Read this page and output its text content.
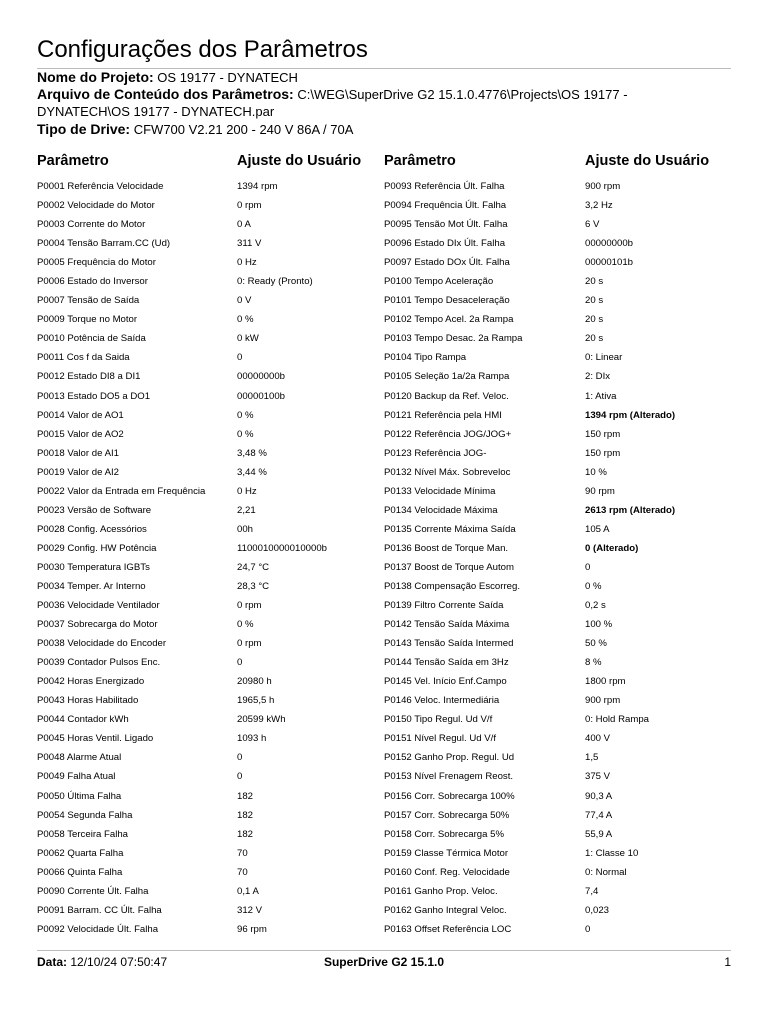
Configurações dos Parâmetros
Nome do Projeto: OS 19177 - DYNATECH
Arquivo de Conteúdo dos Parâmetros: C:\WEG\SuperDrive G2 15.1.0.4776\Projects\OS 19177 -
DYNATECH\OS 19177 - DYNATECH.par
Tipo de Drive: CFW700 V2.21 200 - 240 V 86A / 70A
Parâmetro	Ajuste do Usuário
P0001 Referência Velocidade	1394 rpm
P0002 Velocidade do Motor	0 rpm
P0003 Corrente do Motor	0 A
P0004 Tensão Barram.CC (Ud)	311 V
P0005 Frequência do Motor	0 Hz
P0006 Estado do Inversor	0: Ready (Pronto)
P0007 Tensão de Saída	0 V
P0009 Torque no Motor	0 %
P0010 Potência de Saída	0 kW
P0011 Cos f da Saida	0
P0012 Estado DI8 a DI1	00000000b
P0013 Estado DO5 a DO1	00000100b
P0014 Valor de AO1	0 %
P0015 Valor de AO2	0 %
P0018 Valor de AI1	3,48 %
P0019 Valor de AI2	3,44 %
P0022 Valor da Entrada em Frequência	0 Hz
P0023 Versão de Software	2,21
P0028 Config. Acessórios	00h
P0029 Config. HW Potência	1100010000010000b
P0030 Temperatura IGBTs	24,7 °C
P0034 Temper. Ar Interno	28,3 °C
P0036 Velocidade Ventilador	0 rpm
P0037 Sobrecarga do Motor	0 %
P0038 Velocidade do Encoder	0 rpm
P0039 Contador Pulsos Enc.	0
P0042 Horas Energizado	20980 h
P0043 Horas Habilitado	1965,5 h
P0044 Contador kWh	20599 kWh
P0045 Horas Ventil. Ligado	1093 h
P0048 Alarme Atual	0
P0049 Falha Atual	0
P0050 Última Falha	182
P0054 Segunda Falha	182
P0058 Terceira Falha	182
P0062 Quarta Falha	70
P0066 Quinta Falha	70
P0090 Corrente Últ. Falha	0,1 A
P0091 Barram. CC Últ. Falha	312 V
P0092 Velocidade Últ. Falha	96 rpm
Parâmetro	Ajuste do Usuário
P0093 Referência Últ. Falha	900 rpm
P0094 Frequência Últ. Falha	3,2 Hz
P0095 Tensão Mot Últ. Falha	6 V
P0096 Estado DIx Últ. Falha	00000000b
P0097 Estado DOx Últ. Falha	00000101b
P0100 Tempo Aceleração	20 s
P0101 Tempo Desaceleração	20 s
P0102 Tempo Acel. 2a Rampa	20 s
P0103 Tempo Desac. 2a Rampa	20 s
P0104 Tipo Rampa	0: Linear
P0105 Seleção 1a/2a Rampa	2: DIx
P0120 Backup da Ref. Veloc.	1: Ativa
P0121 Referência pela HMI	1394 rpm (Alterado)
P0122 Referência JOG/JOG+	150 rpm
P0123 Referência JOG-	150 rpm
P0132 Nível Máx. Sobreveloc	10 %
P0133 Velocidade Mínima	90 rpm
P0134 Velocidade Máxima	2613 rpm (Alterado)
P0135 Corrente Máxima Saída	105 A
P0136 Boost de Torque Man.	0 (Alterado)
P0137 Boost de Torque Autom	0
P0138 Compensação Escorreg.	0 %
P0139 Filtro Corrente Saída	0,2 s
P0142 Tensão Saída Máxima	100 %
P0143 Tensão Saída Intermed	50 %
P0144 Tensão Saída em 3Hz	8 %
P0145 Vel. Início Enf.Campo	1800 rpm
P0146 Veloc. Intermediária	900 rpm
P0150 Tipo Regul. Ud V/f	0: Hold Rampa
P0151 Nível Regul. Ud V/f	400 V
P0152 Ganho Prop. Regul. Ud	1,5
P0153 Nível Frenagem Reost.	375 V
P0156 Corr. Sobrecarga 100%	90,3 A
P0157 Corr. Sobrecarga 50%	77,4 A
P0158 Corr. Sobrecarga 5%	55,9 A
P0159 Classe Térmica Motor	1: Classe 10
P0160 Conf. Reg. Velocidade	0: Normal
P0161 Ganho Prop. Veloc.	7,4
P0162 Ganho Integral Veloc.	0,023
P0163 Offset Referência LOC	0
Data: 12/10/24 07:50:47	SuperDrive G2 15.1.0	1
